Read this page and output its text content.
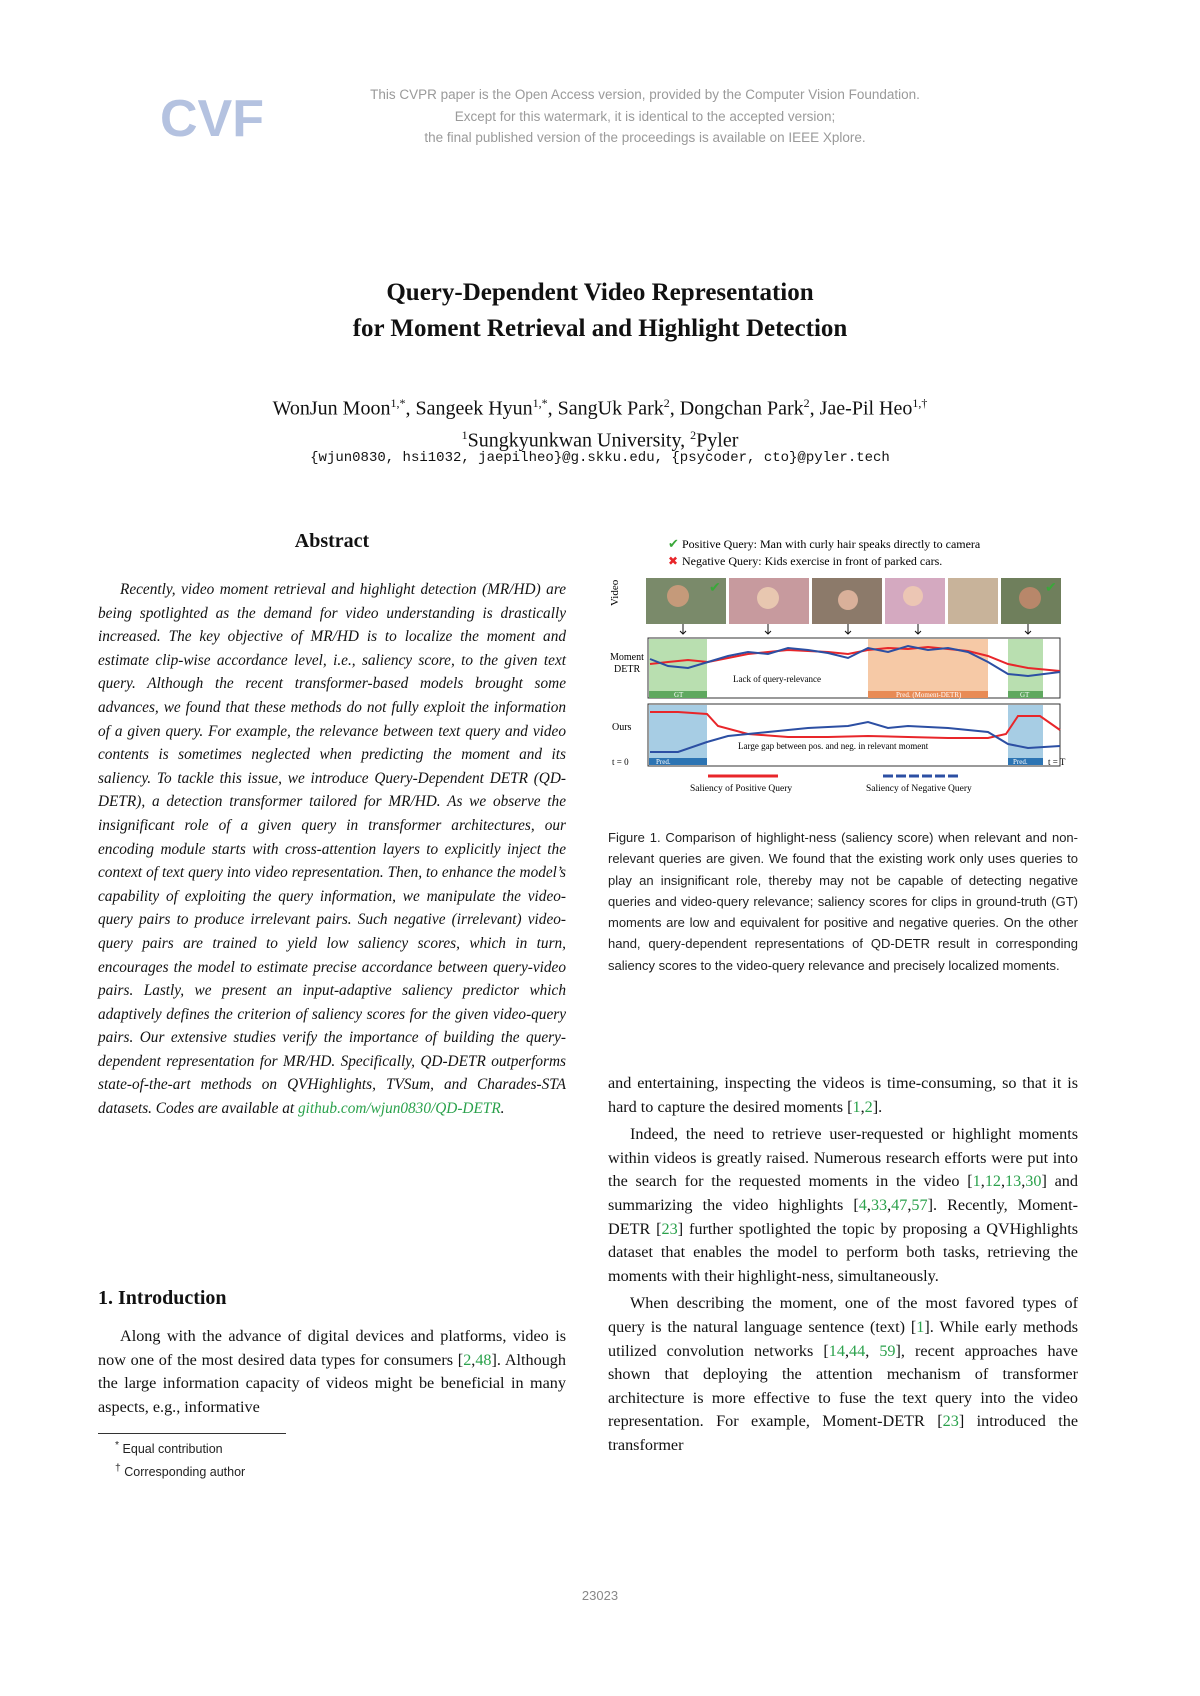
CVF	This CVPR paper is the Open Access version, provided by the Computer Vision Foundation.
Except for this watermark, it is identical to the accepted version;
the final published version of the proceedings is available on IEEE Xplore.
Query-Dependent Video Representation
for Moment Retrieval and Highlight Detection
WonJun Moon$^{1,*}$, Sangeek Hyun$^{1,*}$, SangUk Park$^2$, Dongchan Park$^2$, Jae-Pil Heo$^{1,\dagger}$
$^1$Sungkyunkwan University, $^2$Pyler
{wjun0830, hsi1032, jaepilheo}@g.skku.edu, {psycoder, cto}@pyler.tech
Abstract

Recently, video moment retrieval and highlight detection (MR/HD) are being spotlighted as the demand for video understanding is drastically increased. The key objective of MR/HD is to localize the moment and estimate clip-wise accordance level, i.e., saliency score, to the given text query. Although the recent transformer-based models brought some advances, we found that these methods do not fully exploit the information of a given query. For example, the relevance between text query and video contents is sometimes neglected when predicting the moment and its saliency. To tackle this issue, we introduce Query-Dependent DETR (QD-DETR), a detection transformer tailored for MR/HD. As we observe the insignificant role of a given query in transformer architectures, our encoding module starts with cross-attention layers to explicitly inject the context of text query into video representation. Then, to enhance the model’s capability of exploiting the query information, we manipulate the video-query pairs to produce irrelevant pairs. Such negative (irrelevant) video-query pairs are trained to yield low saliency scores, which in turn, encourages the model to estimate precise accordance between query-video pairs. Lastly, we present an input-adaptive saliency predictor which adaptively defines the criterion of saliency scores for the given video-query pairs. Our extensive studies verify the importance of building the query-dependent representation for MR/HD. Specifically, QD-DETR outperforms state-of-the-art methods on QVHighlights, TVSum, and Charades-STA datasets. Codes are available at github.com/wjun0830/QD-DETR.

1. Introduction

Along with the advance of digital devices and platforms, video is now one of the most desired data types for consumers [2,48]. Although the large information capacity of videos might be beneficial in many aspects, e.g., informative

* Equal contribution
† Corresponding author
✔ Positive Query: Man with curly hair speaks directly to camera
✖ Negative Query: Kids exercise in front of parked cars.
Video	✔	✔
Moment
DETR
GT	Pred. (Moment-DETR)	GT
Lack of query-relevance
Ours
Pred.	Pred.
Large gap between pos. and neg. in relevant moment
t = 0	t = T
Saliency of Positive Query	Saliency of Negative Query
Figure 1. Comparison of highlight-ness (saliency score) when relevant and non-relevant queries are given. We found that the existing work only uses queries to play an insignificant role, thereby may not be capable of detecting negative queries and video-query relevance; saliency scores for clips in ground-truth (GT) moments are low and equivalent for positive and negative queries. On the other hand, query-dependent representations of QD-DETR result in corresponding saliency scores to the video-query relevance and precisely localized moments.

and entertaining, inspecting the videos is time-consuming, so that it is hard to capture the desired moments [1,2].

Indeed, the need to retrieve user-requested or highlight moments within videos is greatly raised. Numerous research efforts were put into the search for the requested moments in the video [1,12,13,30] and summarizing the video highlights [4,33,47,57]. Recently, Moment-DETR [23] further spotlighted the topic by proposing a QVHighlights dataset that enables the model to perform both tasks, retrieving the moments with their highlight-ness, simultaneously.

When describing the moment, one of the most favored types of query is the natural language sentence (text) [1]. While early methods utilized convolution networks [14,44, 59], recent approaches have shown that deploying the attention mechanism of transformer architecture is more effective to fuse the text query into the video representation. For example, Moment-DETR [23] introduced the transformer

23023
